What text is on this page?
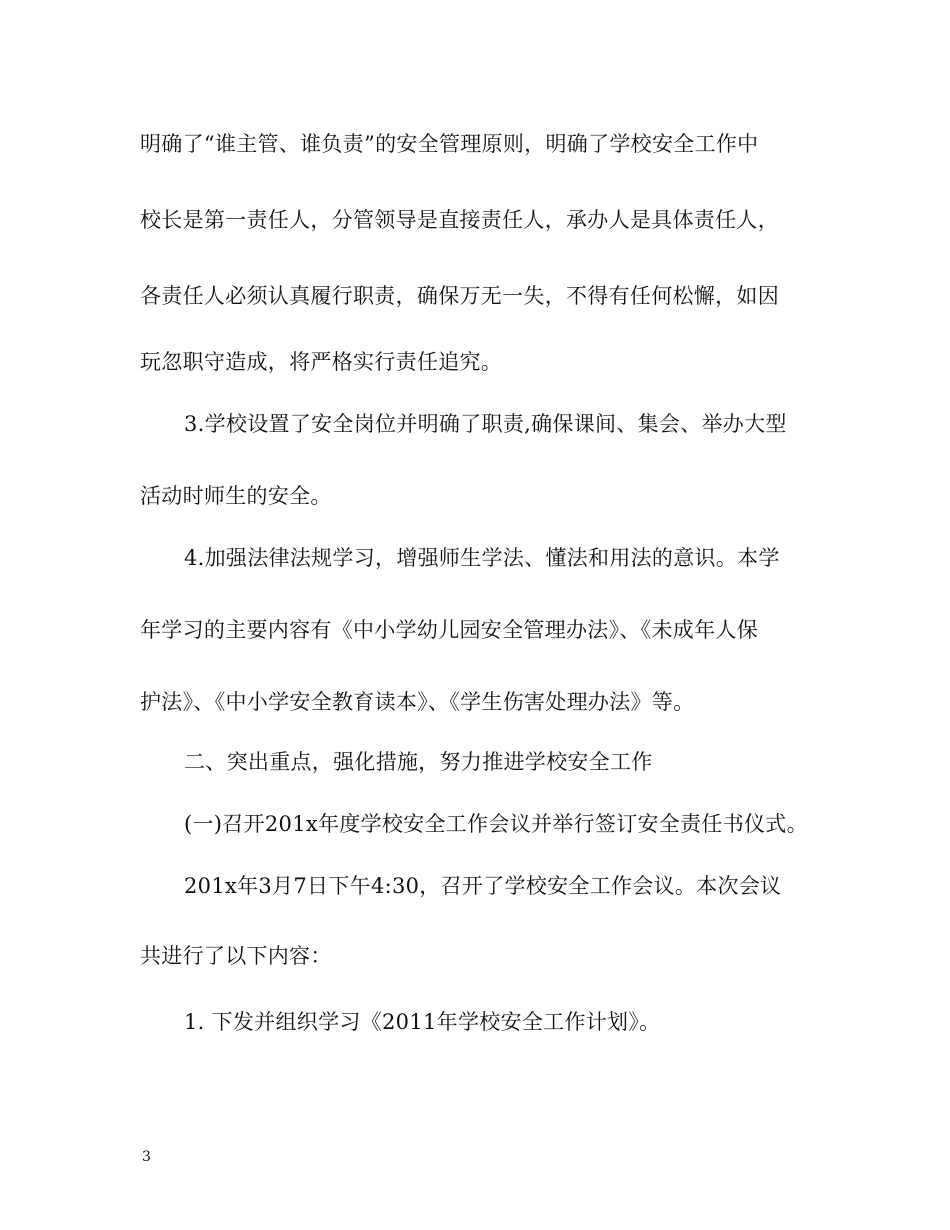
明确了“谁主管、谁负责”的安全管理原则，明确了学校安全工作中

校长是第一责任人，分管领导是直接责任人，承办人是具体责任人，

各责任人必须认真履行职责，确保万无一失，不得有任何松懈，如因

玩忽职守造成，将严格实行责任追究。

3.学校设置了安全岗位并明确了职责,确保课间、集会、举办大型

活动时师生的安全。

4.加强法律法规学习，增强师生学法、懂法和用法的意识。本学

年学习的主要内容有《中小学幼儿园安全管理办法》、《未成年人保

护法》、《中小学安全教育读本》、《学生伤害处理办法》等。

二、突出重点，强化措施，努力推进学校安全工作

(一)召开201x年度学校安全工作会议并举行签订安全责任书仪式。

201x年3月7日下午4:30，召开了学校安全工作会议。本次会议

共进行了以下内容：

1. 下发并组织学习《2011年学校安全工作计划》。

3
